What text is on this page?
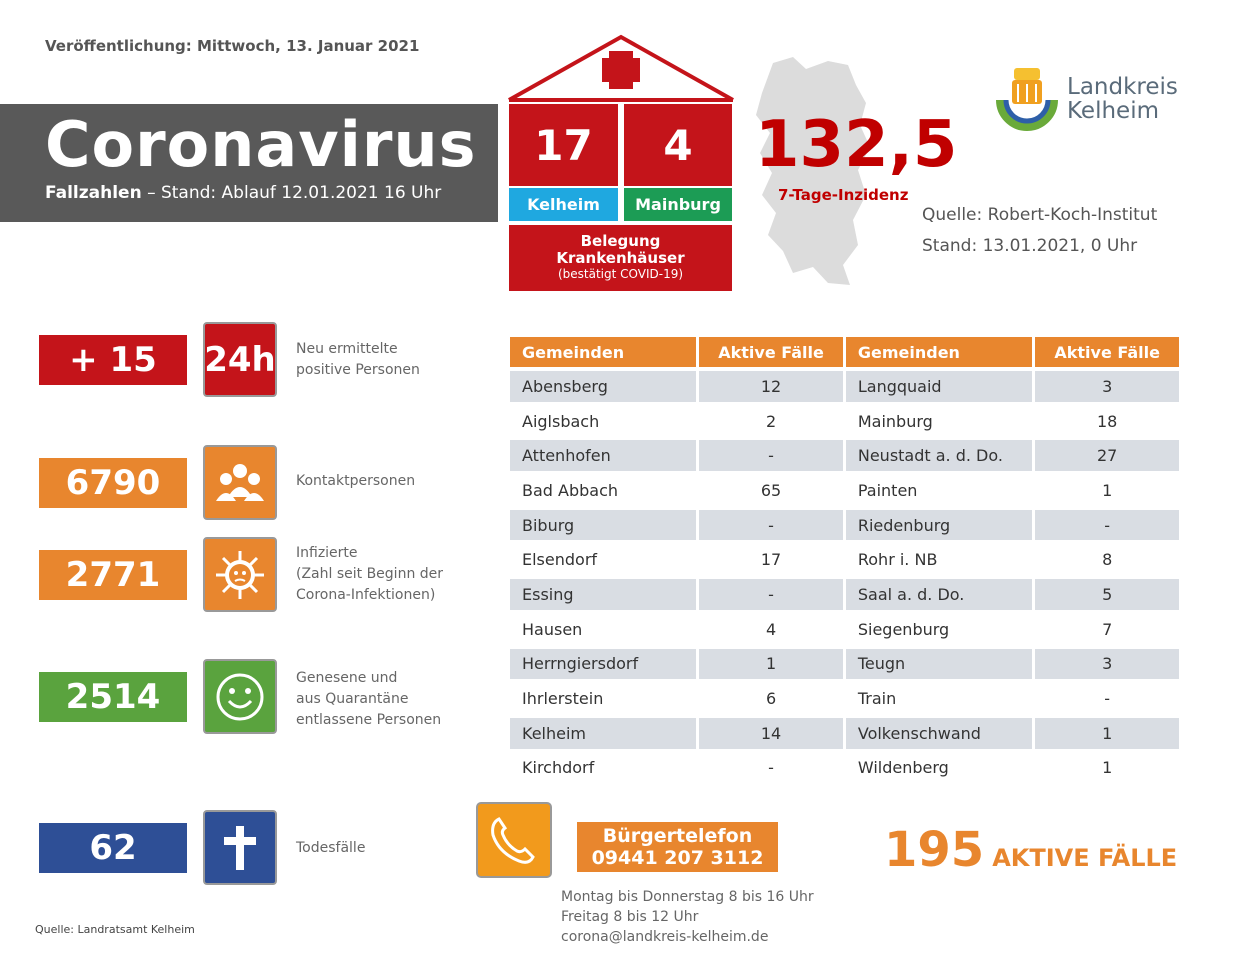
Veröffentlichung: Mittwoch, 13. Januar 2021
Coronavirus
Fallzahlen – Stand: Ablauf 12.01.2021 16 Uhr
17	4
Kelheim	Mainburg
Belegung
Krankenhäuser
(bestätigt COVID-19)
132,5
7-Tage-Inzidenz
Quelle: Robert-Koch-Institut
Stand: 13.01.2021, 0 Uhr
Landkreis
Kelheim
+ 15	24h Neu ermittelte
positive Personen
6790	Kontaktpersonen
2771
Infizierte
(Zahl seit Beginn der
Corona-Infektionen)
2514	Genesene und
aus Quarantäne
entlassene Personen
62	Todesfälle
Gemeinden	Aktive Fälle	Gemeinden	Aktive Fälle
Abensberg	12	Langquaid	3
Aiglsbach	2	Mainburg	18
Attenhofen	-	Neustadt a. d. Do.	27
Bad Abbach	65	Painten	1
Biburg	-	Riedenburg	-
Elsendorf	17	Rohr i. NB	8
Essing	-	Saal a. d. Do.	5
Hausen	4	Siegenburg	7
Herrngiersdorf	1	Teugn	3
Ihrlerstein	6	Train	-
Kelheim	14	Volkenschwand	1
Kirchdorf	-	Wildenberg	1
Bürgertelefon
09441 207 3112
Montag bis Donnerstag 8 bis 16 Uhr
Freitag 8 bis 12 Uhr
corona@landkreis-kelheim.de
195 AKTIVE FÄLLE
Quelle: Landratsamt Kelheim
